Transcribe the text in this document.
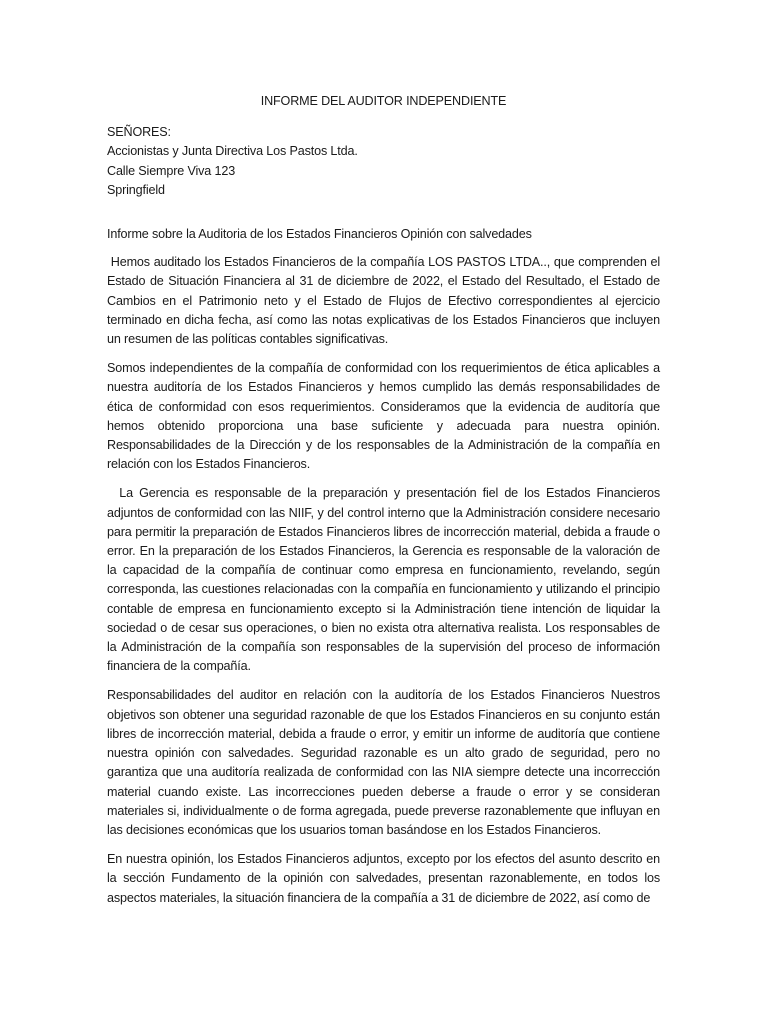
INFORME DEL AUDITOR INDEPENDIENTE
SEÑORES:
Accionistas y Junta Directiva Los Pastos Ltda.
Calle Siempre Viva 123
Springfield
Informe sobre la Auditoria de los Estados Financieros Opinión con salvedades

Hemos auditado los Estados Financieros de la compañía LOS PASTOS LTDA.., que comprenden el Estado de Situación Financiera al 31 de diciembre de 2022, el Estado del Resultado, el Estado de Cambios en el Patrimonio neto y el Estado de Flujos de Efectivo correspondientes al ejercicio terminado en dicha fecha, así como las notas explicativas de los Estados Financieros que incluyen un resumen de las políticas contables significativas.

Somos independientes de la compañía de conformidad con los requerimientos de ética aplicables a nuestra auditoría de los Estados Financieros y hemos cumplido las demás responsabilidades de ética de conformidad con esos requerimientos. Consideramos que la evidencia de auditoría que hemos obtenido proporciona una base suficiente y adecuada para nuestra opinión. Responsabilidades de la Dirección y de los responsables de la Administración de la compañía en relación con los Estados Financieros.

La Gerencia es responsable de la preparación y presentación fiel de los Estados Financieros adjuntos de conformidad con las NIIF, y del control interno que la Administración considere necesario para permitir la preparación de Estados Financieros libres de incorrección material, debida a fraude o error. En la preparación de los Estados Financieros, la Gerencia es responsable de la valoración de la capacidad de la compañía de continuar como empresa en funcionamiento, revelando, según corresponda, las cuestiones relacionadas con la compañía en funcionamiento y utilizando el principio contable de empresa en funcionamiento excepto si la Administración tiene intención de liquidar la sociedad o de cesar sus operaciones, o bien no exista otra alternativa realista. Los responsables de la Administración de la compañía son responsables de la supervisión del proceso de información financiera de la compañía.

Responsabilidades del auditor en relación con la auditoría de los Estados Financieros Nuestros objetivos son obtener una seguridad razonable de que los Estados Financieros en su conjunto están libres de incorrección material, debida a fraude o error, y emitir un informe de auditoría que contiene nuestra opinión con salvedades. Seguridad razonable es un alto grado de seguridad, pero no garantiza que una auditoría realizada de conformidad con las NIA siempre detecte una incorrección material cuando existe. Las incorrecciones pueden deberse a fraude o error y se consideran materiales si, individualmente o de forma agregada, puede preverse razonablemente que influyan en las decisiones económicas que los usuarios toman basándose en los Estados Financieros.

En nuestra opinión, los Estados Financieros adjuntos, excepto por los efectos del asunto descrito en la sección Fundamento de la opinión con salvedades, presentan razonablemente, en todos los aspectos materiales, la situación financiera de la compañía a 31 de diciembre de 2022, así como de
